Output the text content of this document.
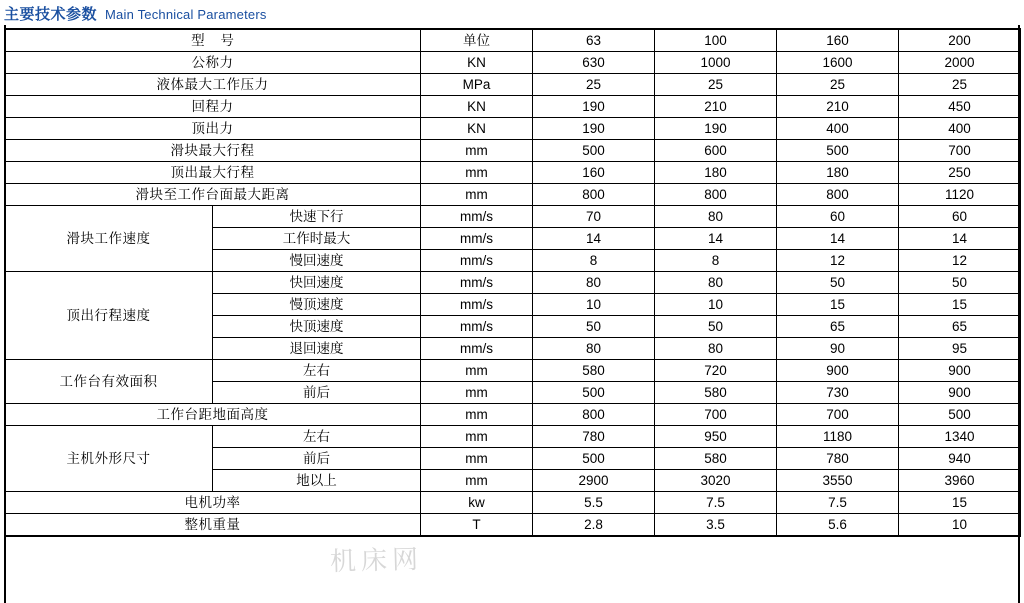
主要技术参数 Main Technical Parameters
型 号		单位	63	100	160	200
公称力		KN	630	1000	1600	2000
液体最大工作压力		MPa	25	25	25	25
回程力		KN	190	210	210	450
顶出力		KN	190	190	400	400
滑块最大行程		mm	500	600	500	700
顶出最大行程		mm	160	180	180	250
滑块至工作台面最大距离		mm	800	800	800	1120
滑块工作速度	快速下行	mm/s	70	80	60	60
	工作时最大	mm/s	14	14	14	14
	慢回速度	mm/s	8	8	12	12
顶出行程速度	快回速度	mm/s	80	80	50	50
	慢顶速度	mm/s	10	10	15	15
	快顶速度	mm/s	50	50	65	65
	退回速度	mm/s	80	80	90	95
工作台有效面积	左右	mm	580	720	900	900
	前后	mm	500	580	730	900
工作台距地面高度		mm	800	700	700	500
主机外形尺寸	左右	mm	780	950	1180	1340
	前后	mm	500	580	780	940
	地以上	mm	2900	3020	3550	3960
电机功率		kw	5.5	7.5	7.5	15
整机重量		T	2.8	3.5	5.6	10
机床网
